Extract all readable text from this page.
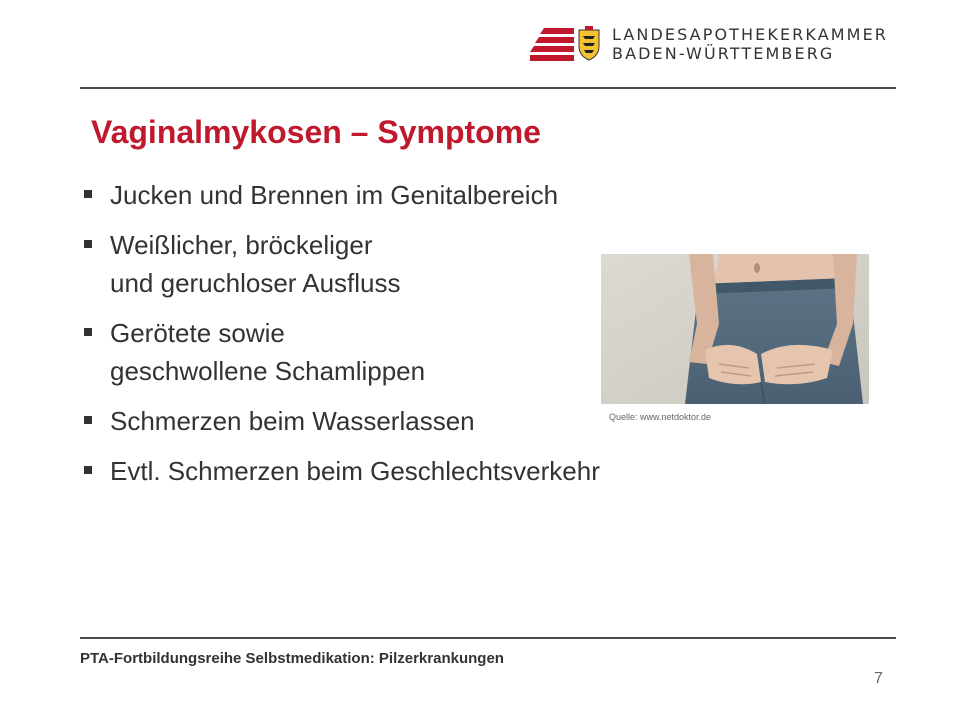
LANDESAPOTHEKERKAMMER
BADEN-WÜRTTEMBERG
Vaginalmykosen – Symptome
Jucken und Brennen im Genitalbereich
Weißlicher, bröckeliger
und geruchloser Ausfluss
Gerötete sowie
geschwollene Schamlippen
Schmerzen beim Wasserlassen
Evtl. Schmerzen beim Geschlechtsverkehr
Quelle: www.netdoktor.de
PTA-Fortbildungsreihe Selbstmedikation: Pilzerkrankungen
7
